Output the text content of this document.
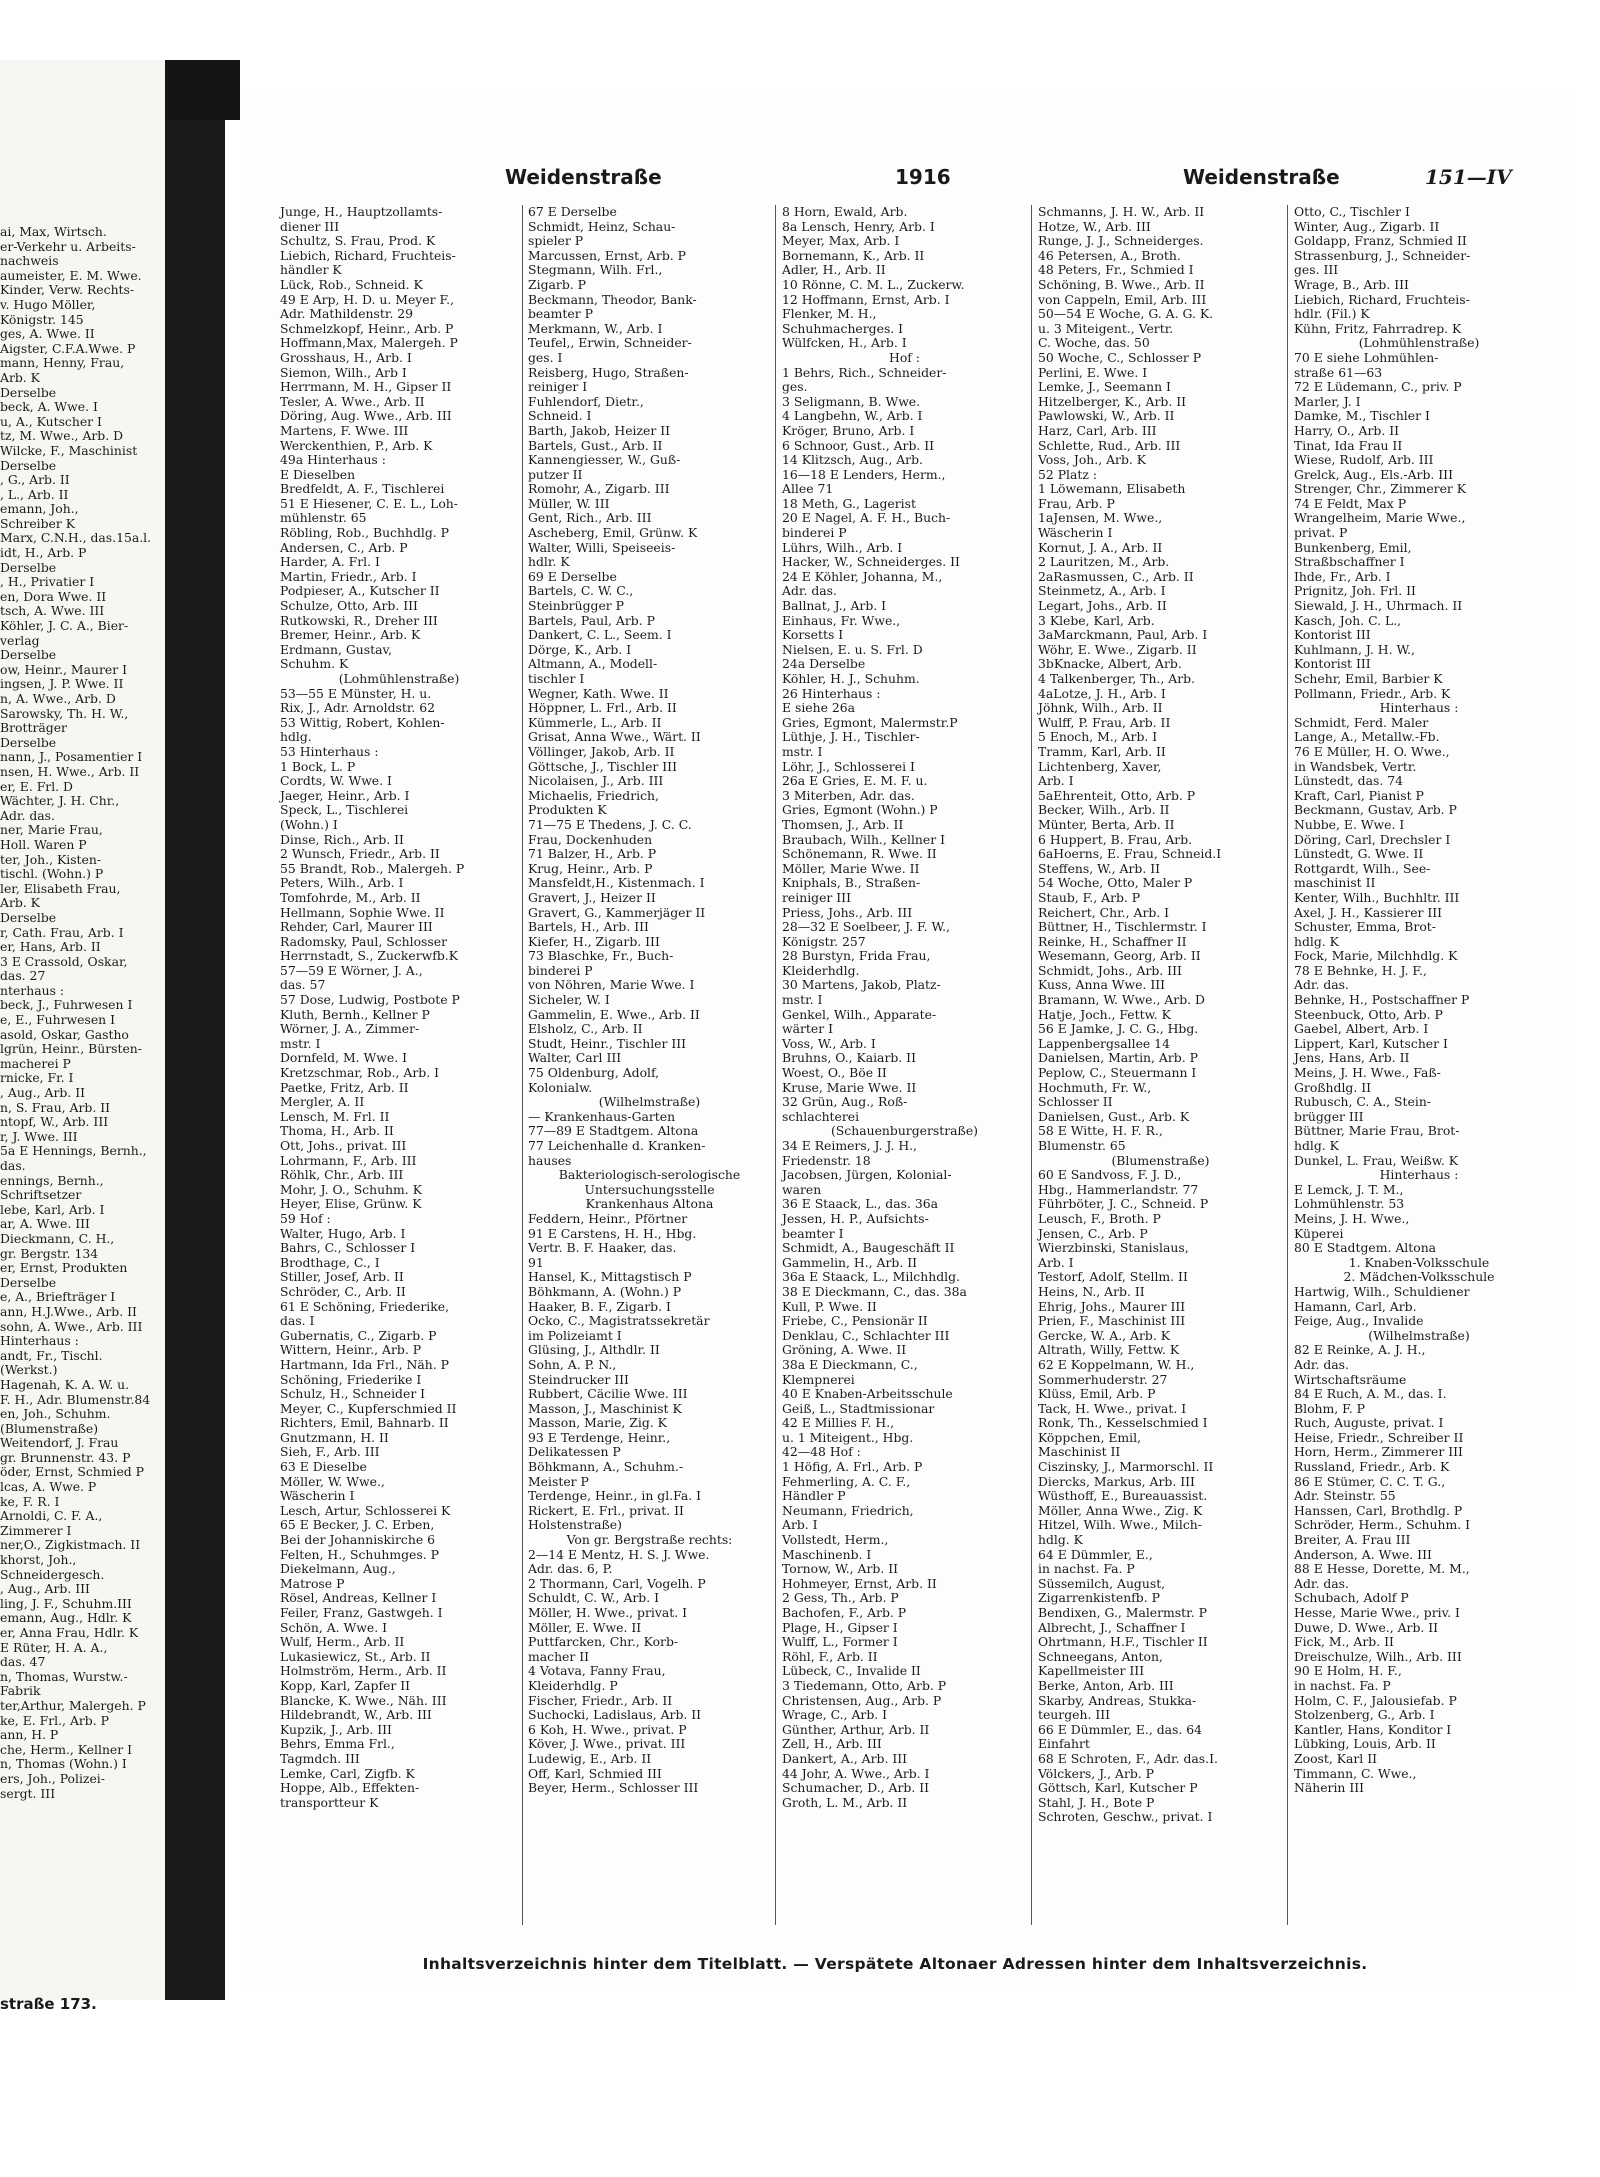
ai, Max, Wirtsch.
er-Verkehr u. Arbeits-
nachweis
aumeister, E. M. Wwe.
Kinder, Verw. Rechts-
v. Hugo Möller,
Königstr. 145
ges, A. Wwe. II
Aigster, C.F.A.Wwe. P
mann, Henny, Frau,
Arb. K
Derselbe
beck, A. Wwe. I
u, A., Kutscher I
tz, M. Wwe., Arb. D
Wilcke, F., Maschinist
Derselbe
, G., Arb. II
, L., Arb. II
emann, Joh.,
Schreiber K
Marx, C.N.H., das.15a.l.
idt, H., Arb. P
Derselbe
, H., Privatier I
en, Dora Wwe. II
tsch, A. Wwe. III
Köhler, J. C. A., Bier-
verlag
Derselbe
ow, Heinr., Maurer I
ingsen, J. P. Wwe. II
n, A. Wwe., Arb. D
Sarowsky, Th. H. W.,
Brotträger
Derselbe
nann, J., Posamentier I
nsen, H. Wwe., Arb. II
er, E. Frl. D
Wächter, J. H. Chr.,
Adr. das.
ner, Marie Frau,
Holl. Waren P
ter, Joh., Kisten-
tischl. (Wohn.) P
ler, Elisabeth Frau,
Arb. K
Derselbe
r, Cath. Frau, Arb. I
er, Hans, Arb. II
3 E Crassold, Oskar,
das. 27
nterhaus :
beck, J., Fuhrwesen I
e, E., Fuhrwesen I
asold, Oskar, Gastho
lgrün, Heinr., Bürsten-
macherei P
rnicke, Fr. I
, Aug., Arb. II
n, S. Frau, Arb. II
ntopf, W., Arb. III
r, J. Wwe. III
5a E Hennings, Bernh.,
das.
ennings, Bernh.,
Schriftsetzer
lebe, Karl, Arb. I
ar, A. Wwe. III
Dieckmann, C. H.,
gr. Bergstr. 134
er, Ernst, Produkten
Derselbe
e, A., Briefträger I
ann, H.J.Wwe., Arb. II
sohn, A. Wwe., Arb. III
Hinterhaus :
andt, Fr., Tischl.
(Werkst.)
Hagenah, K. A. W. u.
F. H., Adr. Blumenstr.84
en, Joh., Schuhm.
(Blumenstraße)
Weitendorf, J. Frau
gr. Brunnenstr. 43. P
öder, Ernst, Schmied P
lcas, A. Wwe. P
ke, F. R. I
Arnoldi, C. F. A.,
Zimmerer I
ner,O., Zigkistmach. II
khorst, Joh.,
Schneidergesch.
, Aug., Arb. III
ling, J. F., Schuhm.III
emann, Aug., Hdlr. K
er, Anna Frau, Hdlr. K
E Rüter, H. A. A.,
das. 47
n, Thomas, Wurstw.-
Fabrik
ter,Arthur, Malergeh. P
ke, E. Frl., Arb. P
ann, H. P
che, Herm., Kellner I
n, Thomas (Wohn.) I
ers, Joh., Polizei-
sergt. III
straße 173.
Weidenstraße	1916	Weidenstraße	151—IV
Junge, H., Hauptzollamts-
diener III
Schultz, S. Frau, Prod. K
Liebich, Richard, Fruchteis-
händler K
Lück, Rob., Schneid. K
49 E Arp, H. D. u. Meyer F.,
Adr. Mathildenstr. 29
Schmelzkopf, Heinr., Arb. P
Hoffmann,Max, Malergeh. P
Grosshaus, H., Arb. I
Siemon, Wilh., Arb I
Herrmann, M. H., Gipser II
Tesler, A. Wwe., Arb. II
Döring, Aug. Wwe., Arb. III
Martens, F. Wwe. III
Werckenthien, P., Arb. K
49a Hinterhaus :
E Dieselben
Bredfeldt, A. F., Tischlerei
51 E Hiesener, C. E. L., Loh-
mühlenstr. 65
Röbling, Rob., Buchhdlg. P
Andersen, C., Arb. P
Harder, A. Frl. I
Martin, Friedr., Arb. I
Podpieser, A., Kutscher II
Schulze, Otto, Arb. III
Rutkowski, R., Dreher III
Bremer, Heinr., Arb. K
Erdmann, Gustav,
Schuhm. K
(Lohmühlenstraße)
53—55 E Münster, H. u.
Rix, J., Adr. Arnoldstr. 62
53 Wittig, Robert, Kohlen-
hdlg.
53 Hinterhaus :
1 Bock, L. P
Cordts, W. Wwe. I
Jaeger, Heinr., Arb. I
Speck, L., Tischlerei
(Wohn.) I
Dinse, Rich., Arb. II
2 Wunsch, Friedr., Arb. II
55 Brandt, Rob., Malergeh. P
Peters, Wilh., Arb. I
Tomfohrde, M., Arb. II
Hellmann, Sophie Wwe. II
Rehder, Carl, Maurer III
Radomsky, Paul, Schlosser
Herrnstadt, S., Zuckerwfb.K
57—59 E Wörner, J. A.,
das. 57
57 Dose, Ludwig, Postbote P
Kluth, Bernh., Kellner P
Wörner, J. A., Zimmer-
mstr. I
Dornfeld, M. Wwe. I
Kretzschmar, Rob., Arb. I
Paetke, Fritz, Arb. II
Mergler, A. II
Lensch, M. Frl. II
Thoma, H., Arb. II
Ott, Johs., privat. III
Lohrmann, F., Arb. III
Röhlk, Chr., Arb. III
Mohr, J. O., Schuhm. K
Heyer, Elise, Grünw. K
59 Hof :
Walter, Hugo, Arb. I
Bahrs, C., Schlosser I
Brodthage, C., I
Stiller, Josef, Arb. II
Schröder, C., Arb. II
61 E Schöning, Friederike,
das. I
Gubernatis, C., Zigarb. P
Wittern, Heinr., Arb. P
Hartmann, Ida Frl., Näh. P
Schöning, Friederike I
Schulz, H., Schneider I
Meyer, C., Kupferschmied II
Richters, Emil, Bahnarb. II
Gnutzmann, H. II
Sieh, F., Arb. III
63 E Dieselbe
Möller, W. Wwe.,
Wäscherin I
Lesch, Artur, Schlosserei K
65 E Becker, J. C. Erben,
Bei der Johanniskirche 6
Felten, H., Schuhmges. P
Diekelmann, Aug.,
Matrose P
Rösel, Andreas, Kellner I
Feiler, Franz, Gastwgeh. I
Schön, A. Wwe. I
Wulf, Herm., Arb. II
Lukasiewicz, St., Arb. II
Holmström, Herm., Arb. II
Kopp, Karl, Zapfer II
Blancke, K. Wwe., Näh. III
Hildebrandt, W., Arb. III
Kupzik, J., Arb. III
Behrs, Emma Frl.,
Tagmdch. III
Lemke, Carl, Zigfb. K
Hoppe, Alb., Effekten-
transportteur K
67 E Derselbe
Schmidt, Heinz, Schau-
spieler P
Marcussen, Ernst, Arb. P
Stegmann, Wilh. Frl.,
Zigarb. P
Beckmann, Theodor, Bank-
beamter P
Merkmann, W., Arb. I
Teufel,, Erwin, Schneider-
ges. I
Reisberg, Hugo, Straßen-
reiniger I
Fuhlendorf, Dietr.,
Schneid. I
Barth, Jakob, Heizer II
Bartels, Gust., Arb. II
Kannengiesser, W., Guß-
putzer II
Romohr, A., Zigarb. III
Müller, W. III
Gent, Rich., Arb. III
Ascheberg, Emil, Grünw. K
Walter, Willi, Speiseeis-
hdlr. K
69 E Derselbe
Bartels, C. W. C.,
Steinbrügger P
Bartels, Paul, Arb. P
Dankert, C. L., Seem. I
Dörge, K., Arb. I
Altmann, A., Modell-
tischler I
Wegner, Kath. Wwe. II
Höppner, L. Frl., Arb. II
Kümmerle, L., Arb. II
Grisat, Anna Wwe., Wärt. II
Völlinger, Jakob, Arb. II
Göttsche, J., Tischler III
Nicolaisen, J., Arb. III
Michaelis, Friedrich,
Produkten K
71—75 E Thedens, J. C. C.
Frau, Dockenhuden
71 Balzer, H., Arb. P
Krug, Heinr., Arb. P
Mansfeldt,H., Kistenmach. I
Gravert, J., Heizer II
Gravert, G., Kammerjäger II
Bartels, H., Arb. III
Kiefer, H., Zigarb. III
73 Blaschke, Fr., Buch-
binderei P
von Nöhren, Marie Wwe. I
Sicheler, W. I
Gammelin, E. Wwe., Arb. II
Elsholz, C., Arb. II
Studt, Heinr., Tischler III
Walter, Carl III
75 Oldenburg, Adolf,
Kolonialw.
(Wilhelmstraße)
— Krankenhaus-Garten
77—89 E Stadtgem. Altona
77 Leichenhalle d. Kranken-
hauses
Bakteriologisch-serologische
Untersuchungsstelle
Krankenhaus Altona
Feddern, Heinr., Pförtner
91 E Carstens, H. H., Hbg.
Vertr. B. F. Haaker, das.
91
Hansel, K., Mittagstisch P
Böhkmann, A. (Wohn.) P
Haaker, B. F., Zigarb. I
Ocko, C., Magistratssekretär
im Polizeiamt I
Glüsing, J., Althdlr. II
Sohn, A. P. N.,
Steindrucker III
Rubbert, Cäcilie Wwe. III
Masson, J., Maschinist K
Masson, Marie, Zig. K
93 E Terdenge, Heinr.,
Delikatessen P
Böhkmann, A., Schuhm.-
Meister P
Terdenge, Heinr., in gl.Fa. I
Rickert, E. Frl., privat. II
Holstenstraße)
Von gr. Bergstraße rechts:
2—14 E Mentz, H. S. J. Wwe.
Adr. das. 6, P.
2 Thormann, Carl, Vogelh. P
Schuldt, C. W., Arb. I
Möller, H. Wwe., privat. I
Möller, E. Wwe. II
Puttfarcken, Chr., Korb-
macher II
4 Votava, Fanny Frau,
Kleiderhdlg. P
Fischer, Friedr., Arb. II
Suchocki, Ladislaus, Arb. II
6 Koh, H. Wwe., privat. P
Köver, J. Wwe., privat. III
Ludewig, E., Arb. II
Off, Karl, Schmied III
Beyer, Herm., Schlosser III
8 Horn, Ewald, Arb.
8a Lensch, Henry, Arb. I
Meyer, Max, Arb. I
Bornemann, K., Arb. II
Adler, H., Arb. II
10 Rönne, C. M. L., Zuckerw.
12 Hoffmann, Ernst, Arb. I
Flenker, M. H.,
Schuhmacherges. I
Wülfcken, H., Arb. I
Hof :
1 Behrs, Rich., Schneider-
ges.
3 Seligmann, B. Wwe.
4 Langbehn, W., Arb. I
Kröger, Bruno, Arb. I
6 Schnoor, Gust., Arb. II
14 Klitzsch, Aug., Arb.
16—18 E Lenders, Herm.,
Allee 71
18 Meth, G., Lagerist
20 E Nagel, A. F. H., Buch-
binderei P
Lührs, Wilh., Arb. I
Hacker, W., Schneiderges. II
24 E Köhler, Johanna, M.,
Adr. das.
Ballnat, J., Arb. I
Einhaus, Fr. Wwe.,
Korsetts I
Nielsen, E. u. S. Frl. D
24a Derselbe
Köhler, H. J., Schuhm.
26 Hinterhaus :
E siehe 26a
Gries, Egmont, Malermstr.P
Lüthje, J. H., Tischler-
mstr. I
Löhr, J., Schlosserei I
26a E Gries, E. M. F. u.
3 Miterben, Adr. das.
Gries, Egmont (Wohn.) P
Thomsen, J., Arb. II
Braubach, Wilh., Kellner I
Schönemann, R. Wwe. II
Möller, Marie Wwe. II
Kniphals, B., Straßen-
reiniger III
Priess, Johs., Arb. III
28—32 E Soelbeer, J. F. W.,
Königstr. 257
28 Burstyn, Frida Frau,
Kleiderhdlg.
30 Martens, Jakob, Platz-
mstr. I
Genkel, Wilh., Apparate-
wärter I
Voss, W., Arb. I
Bruhns, O., Kaiarb. II
Woest, O., Böe II
Kruse, Marie Wwe. II
32 Grün, Aug., Roß-
schlachterei
(Schauenburgerstraße)
34 E Reimers, J. J. H.,
Friedenstr. 18
Jacobsen, Jürgen, Kolonial-
waren
36 E Staack, L., das. 36a
Jessen, H. P., Aufsichts-
beamter I
Schmidt, A., Baugeschäft II
Gammelin, H., Arb. II
36a E Staack, L., Milchhdlg.
38 E Dieckmann, C., das. 38a
Kull, P. Wwe. II
Friebe, C., Pensionär II
Denklau, C., Schlachter III
Gröning, A. Wwe. II
38a E Dieckmann, C.,
Klempnerei
40 E Knaben-Arbeitsschule
Geiß, L., Stadtmissionar
42 E Millies F. H.,
u. 1 Miteigent., Hbg.
42—48 Hof :
1 Höfig, A. Frl., Arb. P
Fehmerling, A. C. F.,
Händler P
Neumann, Friedrich,
Arb. I
Vollstedt, Herm.,
Maschinenb. I
Tornow, W., Arb. II
Hohmeyer, Ernst, Arb. II
2 Gess, Th., Arb. P
Bachofen, F., Arb. P
Plage, H., Gipser I
Wulff, L., Former I
Röhl, F., Arb. II
Lübeck, C., Invalide II
3 Tiedemann, Otto, Arb. P
Christensen, Aug., Arb. P
Wrage, C., Arb. I
Günther, Arthur, Arb. II
Zell, H., Arb. III
Dankert, A., Arb. III
44 Johr, A. Wwe., Arb. I
Schumacher, D., Arb. II
Groth, L. M., Arb. II
Schmanns, J. H. W., Arb. II
Hotze, W., Arb. III
Runge, J. J., Schneiderges.
46 Petersen, A., Broth.
48 Peters, Fr., Schmied I
Schöning, B. Wwe., Arb. II
von Cappeln, Emil, Arb. III
50—54 E Woche, G. A. G. K.
u. 3 Miteigent., Vertr.
C. Woche, das. 50
50 Woche, C., Schlosser P
Perlini, E. Wwe. I
Lemke, J., Seemann I
Hitzelberger, K., Arb. II
Pawlowski, W., Arb. II
Harz, Carl, Arb. III
Schlette, Rud., Arb. III
Voss, Joh., Arb. K
52 Platz :
1 Löwemann, Elisabeth
Frau, Arb. P
1aJensen, M. Wwe.,
Wäscherin I
Kornut, J. A., Arb. II
2 Lauritzen, M., Arb.
2aRasmussen, C., Arb. II
Steinmetz, A., Arb. I
Legart, Johs., Arb. II
3 Klebe, Karl, Arb.
3aMarckmann, Paul, Arb. I
Wöhr, E. Wwe., Zigarb. II
3bKnacke, Albert, Arb.
4 Talkenberger, Th., Arb.
4aLotze, J. H., Arb. I
Jöhnk, Wilh., Arb. II
Wulff, P. Frau, Arb. II
5 Enoch, M., Arb. I
Tramm, Karl, Arb. II
Lichtenberg, Xaver,
Arb. I
5aEhrenteit, Otto, Arb. P
Becker, Wilh., Arb. II
Münter, Berta, Arb. II
6 Huppert, B. Frau, Arb.
6aHoerns, E. Frau, Schneid.I
Steffens, W., Arb. II
54 Woche, Otto, Maler P
Staub, F., Arb. P
Reichert, Chr., Arb. I
Büttner, H., Tischlermstr. I
Reinke, H., Schaffner II
Wesemann, Georg, Arb. II
Schmidt, Johs., Arb. III
Kuss, Anna Wwe. III
Bramann, W. Wwe., Arb. D
Hatje, Joch., Fettw. K
56 E Jamke, J. C. G., Hbg.
Lappenbergsallee 14
Danielsen, Martin, Arb. P
Peplow, C., Steuermann I
Hochmuth, Fr. W.,
Schlosser II
Danielsen, Gust., Arb. K
58 E Witte, H. F. R.,
Blumenstr. 65
(Blumenstraße)
60 E Sandvoss, F. J. D.,
Hbg., Hammerlandstr. 77
Führböter, J. C., Schneid. P
Leusch, F., Broth. P
Jensen, C., Arb. P
Wierzbinski, Stanislaus,
Arb. I
Testorf, Adolf, Stellm. II
Heins, N., Arb. II
Ehrig, Johs., Maurer III
Prien, F., Maschinist III
Gercke, W. A., Arb. K
Altrath, Willy, Fettw. K
62 E Koppelmann, W. H.,
Sommerhuderstr. 27
Klüss, Emil, Arb. P
Tack, H. Wwe., privat. I
Ronk, Th., Kesselschmied I
Köppchen, Emil,
Maschinist II
Ciszinsky, J., Marmorschl. II
Diercks, Markus, Arb. III
Wüsthoff, E., Bureauassist.
Möller, Anna Wwe., Zig. K
Hitzel, Wilh. Wwe., Milch-
hdlg. K
64 E Dümmler, E.,
in nachst. Fa. P
Süssemilch, August,
Zigarrenkistenfb. P
Bendixen, G., Malermstr. P
Albrecht, J., Schaffner I
Ohrtmann, H.F., Tischler II
Schneegans, Anton,
Kapellmeister III
Berke, Anton, Arb. III
Skarby, Andreas, Stukka-
teurgeh. III
66 E Dümmler, E., das. 64
Einfahrt
68 E Schroten, F., Adr. das.I.
Völckers, J., Arb. P
Göttsch, Karl, Kutscher P
Stahl, J. H., Bote P
Schroten, Geschw., privat. I
Otto, C., Tischler I
Winter, Aug., Zigarb. II
Goldapp, Franz, Schmied II
Strassenburg, J., Schneider-
ges. III
Wrage, B., Arb. III
Liebich, Richard, Fruchteis-
hdlr. (Fil.) K
Kühn, Fritz, Fahrradrep. K
(Lohmühlenstraße)
70 E siehe Lohmühlen-
straße 61—63
72 E Lüdemann, C., priv. P
Marler, J. I
Damke, M., Tischler I
Harry, O., Arb. II
Tinat, Ida Frau II
Wiese, Rudolf, Arb. III
Grelck, Aug., Els.-Arb. III
Strenger, Chr., Zimmerer K
74 E Feldt, Max P
Wrangelheim, Marie Wwe.,
privat. P
Bunkenberg, Emil,
Straßbschaffner I
Ihde, Fr., Arb. I
Prignitz, Joh. Frl. II
Siewald, J. H., Uhrmach. II
Kasch, Joh. C. L.,
Kontorist III
Kuhlmann, J. H. W.,
Kontorist III
Schehr, Emil, Barbier K
Pollmann, Friedr., Arb. K
Hinterhaus :
Schmidt, Ferd. Maler
Lange, A., Metallw.-Fb.
76 E Müller, H. O. Wwe.,
in Wandsbek, Vertr.
Lünstedt, das. 74
Kraft, Carl, Pianist P
Beckmann, Gustav, Arb. P
Nubbe, E. Wwe. I
Döring, Carl, Drechsler I
Lünstedt, G. Wwe. II
Rottgardt, Wilh., See-
maschinist II
Kenter, Wilh., Buchhltr. III
Axel, J. H., Kassierer III
Schuster, Emma, Brot-
hdlg. K
Fock, Marie, Milchhdlg. K
78 E Behnke, H. J. F.,
Adr. das.
Behnke, H., Postschaffner P
Steenbuck, Otto, Arb. P
Gaebel, Albert, Arb. I
Lippert, Karl, Kutscher I
Jens, Hans, Arb. II
Meins, J. H. Wwe., Faß-
Großhdlg. II
Rubusch, C. A., Stein-
brügger III
Büttner, Marie Frau, Brot-
hdlg. K
Dunkel, L. Frau, Weißw. K
Hinterhaus :
E Lemck, J. T. M.,
Lohmühlenstr. 53
Meins, J. H. Wwe.,
Küperei
80 E Stadtgem. Altona
1. Knaben-Volksschule
2. Mädchen-Volksschule
Hartwig, Wilh., Schuldiener
Hamann, Carl, Arb.
Feige, Aug., Invalide
(Wilhelmstraße)
82 E Reinke, A. J. H.,
Adr. das.
Wirtschaftsräume
84 E Ruch, A. M., das. I.
Blohm, F. P
Ruch, Auguste, privat. I
Heise, Friedr., Schreiber II
Horn, Herm., Zimmerer III
Russland, Friedr., Arb. K
86 E Stümer, C. C. T. G.,
Adr. Steinstr. 55
Hanssen, Carl, Brothdlg. P
Schröder, Herm., Schuhm. I
Breiter, A. Frau III
Anderson, A. Wwe. III
88 E Hesse, Dorette, M. M.,
Adr. das.
Schubach, Adolf P
Hesse, Marie Wwe., priv. I
Duwe, D. Wwe., Arb. II
Fick, M., Arb. II
Dreischulze, Wilh., Arb. III
90 E Holm, H. F.,
in nachst. Fa. P
Holm, C. F., Jalousiefab. P
Stolzenberg, G., Arb. I
Kantler, Hans, Konditor I
Lübking, Louis, Arb. II
Zoost, Karl II
Timmann, C. Wwe.,
Näherin III
Inhaltsverzeichnis hinter dem Titelblatt. — Verspätete Altonaer Adressen hinter dem Inhaltsverzeichnis.
